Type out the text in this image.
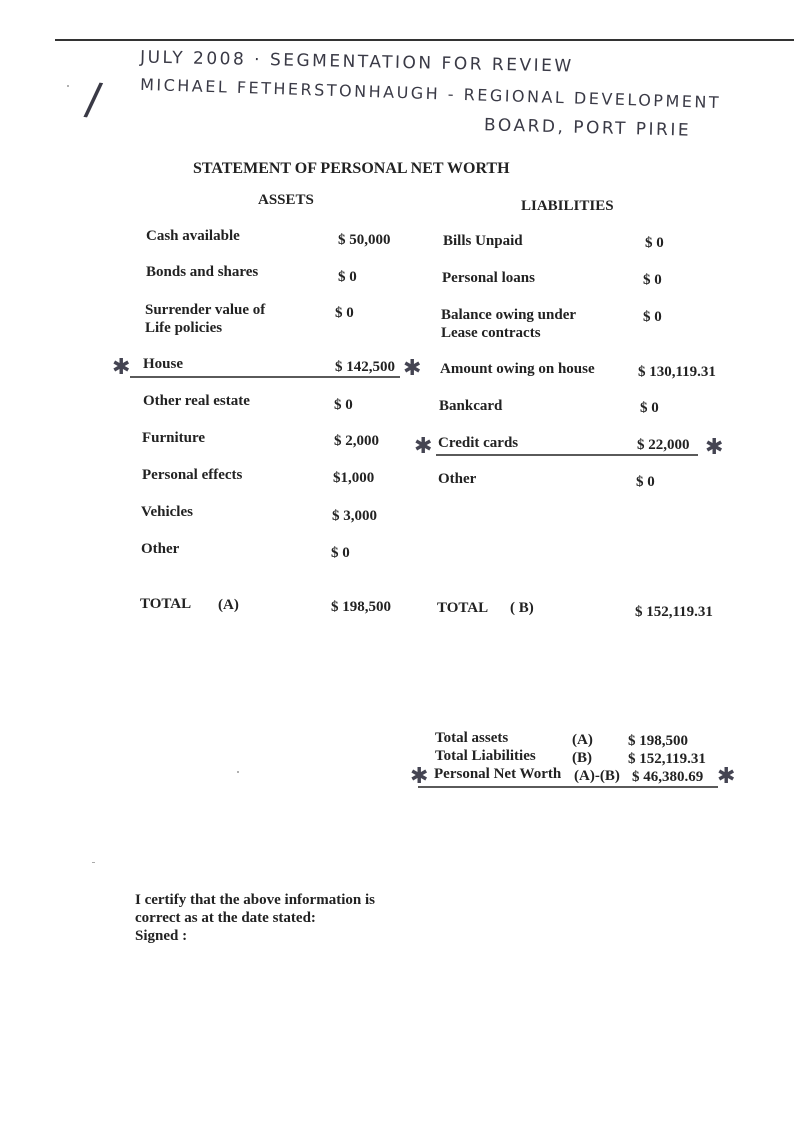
JULY 2008 · SEGMENTATION FOR REVIEW
MICHAEL FETHERSTONHAUGH - REGIONAL DEVELOPMENT
BOARD, PORT PIRIE
/
STATEMENT OF PERSONAL NET WORTH
ASSETS	LIABILITIES
Cash available	$ 50,000
Bonds and shares	$ 0
Surrender value of
Life policies
$ 0
House	$ 142,500
Other real estate	$ 0
Furniture	$ 2,000
Personal effects	$1,000
Vehicles	$ 3,000
Other	$ 0
TOTAL (A)	$ 198,500
Bills Unpaid	$ 0
Personal loans	$ 0
Balance owing under
Lease contracts
$ 0
Amount owing on house	$ 130,119.31
Bankcard	$ 0
Credit cards	$ 22,000
Other	$ 0
TOTAL ( B)	$ 152,119.31
Total assets	(A) $ 198,500
Total Liabilities (B) $ 152,119.31
Personal Net Worth (A)-(B) $ 46,380.69
I certify that the above information is
correct as at the date stated:
Signed :
✱	✱
✱	✱
✱	✱
